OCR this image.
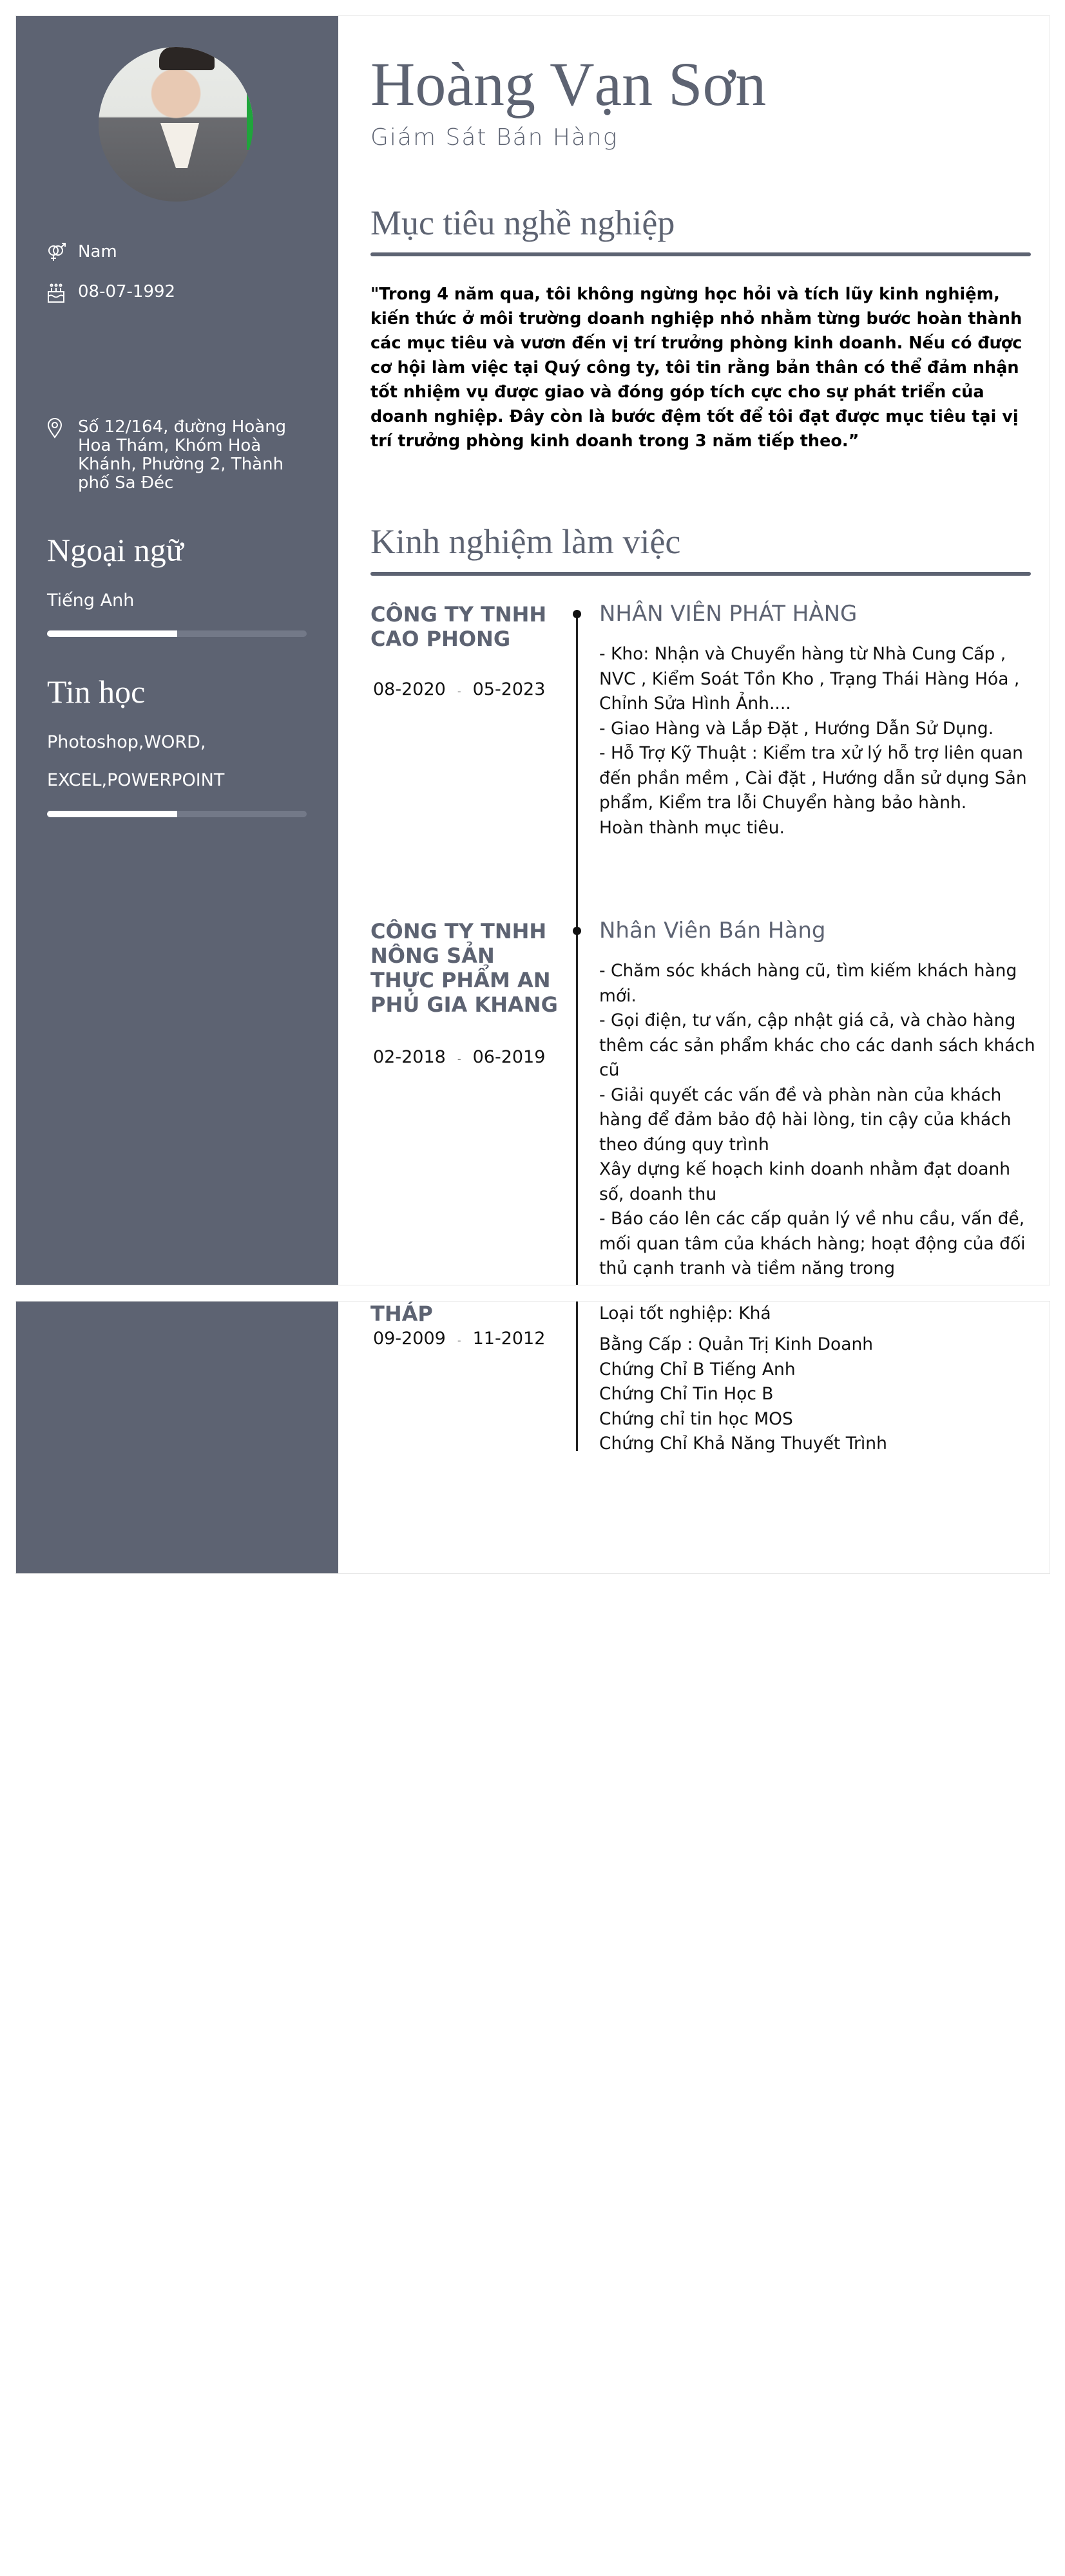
Nam
08-07-1992
Số 12/164, đường Hoàng Hoa Thám, Khóm Hoà Khánh, Phường 2, Thành phố Sa Đéc
Ngoại ngữ
Tiếng Anh
Tin học
Photoshop,WORD, EXCEL,POWERPOINT
Hoàng Vạn Sơn
Giám Sát Bán Hàng
Mục tiêu nghề nghiệp
"Trong 4 năm qua, tôi không ngừng học hỏi và tích lũy kinh nghiệm, kiến thức ở môi trường doanh nghiệp nhỏ nhằm từng bước hoàn thành các mục tiêu và vươn đến vị trí trưởng phòng kinh doanh. Nếu có được cơ hội làm việc tại Quý công ty, tôi tin rằng bản thân có thể đảm nhận tốt nhiệm vụ được giao và đóng góp tích cực cho sự phát triển của doanh nghiệp. Đây còn là bước đệm tốt để tôi đạt được mục tiêu tại vị trí trưởng phòng kinh doanh trong 3 năm tiếp theo.”
Kinh nghiệm làm việc
CÔNG TY TNHH CAO PHONG
08-2020 - 05-2023
NHÂN VIÊN PHÁT HÀNG
- Kho: Nhận và Chuyển hàng từ Nhà Cung Cấp , NVC , Kiểm Soát Tồn Kho , Trạng Thái Hàng Hóa , Chỉnh Sửa Hình Ảnh....
- Giao Hàng và Lắp Đặt , Hướng Dẫn Sử Dụng.
- Hỗ Trợ Kỹ Thuật : Kiểm tra xử lý hỗ trợ liên quan đến phần mềm , Cài đặt , Hướng dẫn sử dụng Sản phẩm, Kiểm tra lỗi Chuyển hàng bảo hành.
Hoàn thành mục tiêu.
CÔNG TY TNHH NÔNG SẢN THỰC PHẨM AN PHÚ GIA KHANG
02-2018 - 06-2019
Nhân Viên Bán Hàng
- Chăm sóc khách hàng cũ, tìm kiếm khách hàng mới.
- Gọi điện, tư vấn, cập nhật giá cả, và chào hàng thêm các sản phẩm khác cho các danh sách khách cũ
- Giải quyết các vấn đề và phàn nàn của khách hàng để đảm bảo độ hài lòng, tin cậy của khách theo đúng quy trình
Xây dựng kế hoạch kinh doanh nhằm đạt doanh số, doanh thu
- Báo cáo lên các cấp quản lý về nhu cầu, vấn đề, mối quan tâm của khách hàng; hoạt động của đối thủ cạnh tranh và tiềm năng trong
THÁP
09-2009 - 11-2012
Loại tốt nghiệp: Khá
Bằng Cấp : Quản Trị Kinh Doanh
Chứng Chỉ B Tiếng Anh
Chứng Chỉ Tin Học B
Chứng chỉ tin học MOS
Chứng Chỉ Khả Năng Thuyết Trình
